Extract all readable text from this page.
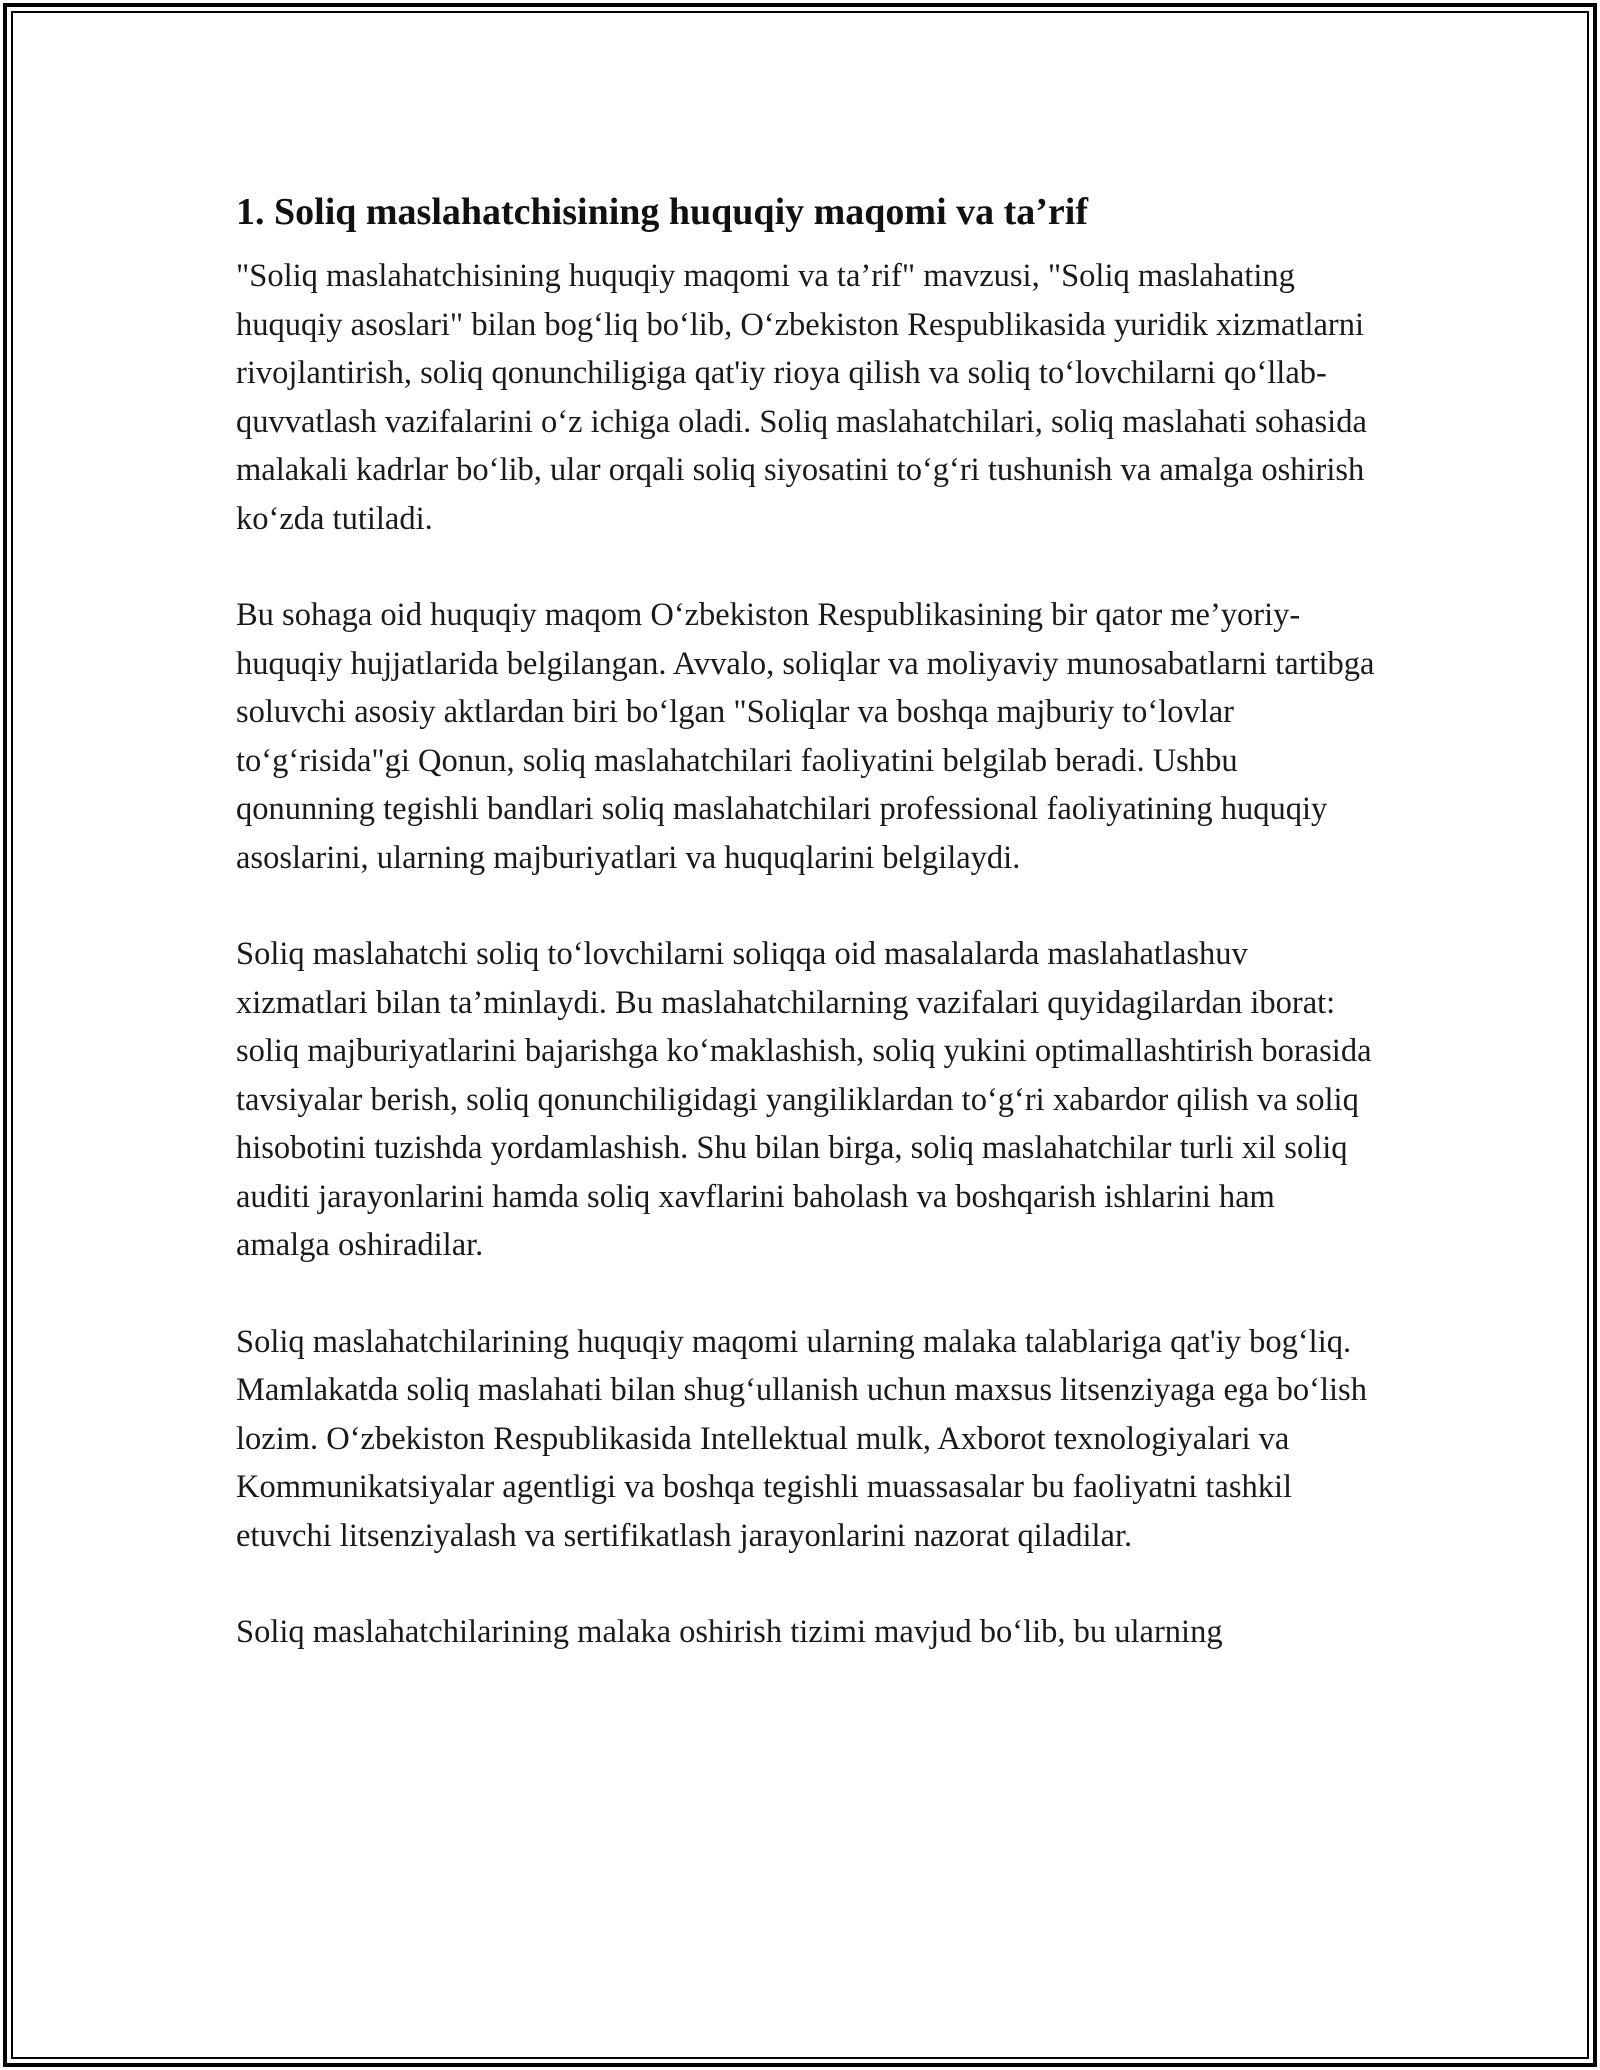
1. Soliq maslahatchisining huquqiy maqomi va ta’rif

"Soliq maslahatchisining huquqiy maqomi va ta’rif" mavzusi, "Soliq maslahating huquqiy asoslari" bilan bog‘liq bo‘lib, O‘zbekiston Respublikasida yuridik xizmatlarni rivojlantirish, soliq qonunchiligiga qat'iy rioya qilish va soliq to‘lovchilarni qo‘llab-quvvatlash vazifalarini o‘z ichiga oladi. Soliq maslahatchilari, soliq maslahati sohasida malakali kadrlar bo‘lib, ular orqali soliq siyosatini to‘g‘ri tushunish va amalga oshirish ko‘zda tutiladi.

Bu sohaga oid huquqiy maqom O‘zbekiston Respublikasining bir qator me’yoriy-huquqiy hujjatlarida belgilangan. Avvalo, soliqlar va moliyaviy munosabatlarni tartibga soluvchi asosiy aktlardan biri bo‘lgan "Soliqlar va boshqa majburiy to‘lovlar to‘g‘risida"gi Qonun, soliq maslahatchilari faoliyatini belgilab beradi. Ushbu qonunning tegishli bandlari soliq maslahatchilari professional faoliyatining huquqiy asoslarini, ularning majburiyatlari va huquqlarini belgilaydi.

Soliq maslahatchi soliq to‘lovchilarni soliqqa oid masalalarda maslahatlashuv xizmatlari bilan ta’minlaydi. Bu maslahatchilarning vazifalari quyidagilardan iborat: soliq majburiyatlarini bajarishga ko‘maklashish, soliq yukini optimallashtirish borasida tavsiyalar berish, soliq qonunchiligidagi yangiliklardan to‘g‘ri xabardor qilish va soliq hisobotini tuzishda yordamlashish. Shu bilan birga, soliq maslahatchilar turli xil soliq auditi jarayonlarini hamda soliq xavflarini baholash va boshqarish ishlarini ham amalga oshiradilar.

Soliq maslahatchilarining huquqiy maqomi ularning malaka talablariga qat'iy bog‘liq. Mamlakatda soliq maslahati bilan shug‘ullanish uchun maxsus litsenziyaga ega bo‘lish lozim. O‘zbekiston Respublikasida Intellektual mulk, Axborot texnologiyalari va Kommunikatsiyalar agentligi va boshqa tegishli muassasalar bu faoliyatni tashkil etuvchi litsenziyalash va sertifikatlash jarayonlarini nazorat qiladilar.

Soliq maslahatchilarining malaka oshirish tizimi mavjud bo‘lib, bu ularning
